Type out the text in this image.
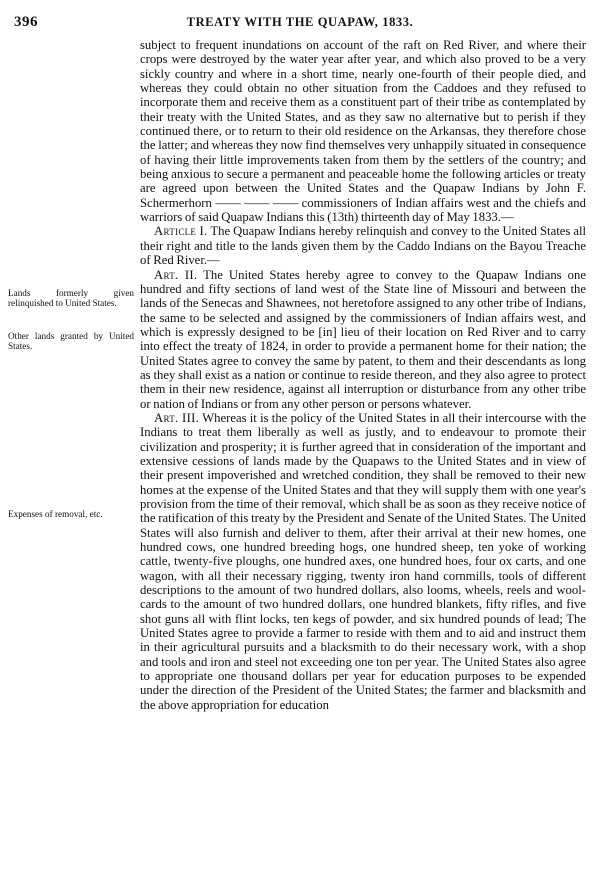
396	TREATY WITH THE QUAPAW, 1833.
Lands formerly given relinquished to United States.
Other lands granted by United States.
Expenses of removal, etc.

subject to frequent inundations on account of the raft on Red River, and where their crops were destroyed by the water year after year, and which also proved to be a very sickly country and where in a short time, nearly one-fourth of their people died, and whereas they could obtain no other situation from the Caddoes and they refused to incorporate them and receive them as a constituent part of their tribe as contemplated by their treaty with the United States, and as they saw no alternative but to perish if they continued there, or to return to their old residence on the Arkansas, they therefore chose the latter; and whereas they now find themselves very unhappily situated in consequence of having their little improvements taken from them by the settlers of the country; and being anxious to secure a permanent and peaceable home the following articles or treaty are agreed upon between the United States and the Quapaw Indians by John F. Schermerhorn —— —— —— commissioners of Indian affairs west and the chiefs and warriors of said Quapaw Indians this (13th) thirteenth day of May 1833.—

Article I. The Quapaw Indians hereby relinquish and convey to the United States all their right and title to the lands given them by the Caddo Indians on the Bayou Treache of Red River.—

Art. II. The United States hereby agree to convey to the Quapaw Indians one hundred and fifty sections of land west of the State line of Missouri and between the lands of the Senecas and Shawnees, not heretofore assigned to any other tribe of Indians, the same to be selected and assigned by the commissioners of Indian affairs west, and which is expressly designed to be [in] lieu of their location on Red River and to carry into effect the treaty of 1824, in order to provide a permanent home for their nation; the United States agree to convey the same by patent, to them and their descendants as long as they shall exist as a nation or continue to reside thereon, and they also agree to protect them in their new residence, against all interruption or disturbance from any other tribe or nation of Indians or from any other person or persons whatever.

Art. III. Whereas it is the policy of the United States in all their intercourse with the Indians to treat them liberally as well as justly, and to endeavour to promote their civilization and prosperity; it is further agreed that in consideration of the important and extensive cessions of lands made by the Quapaws to the United States and in view of their present impoverished and wretched condition, they shall be removed to their new homes at the expense of the United States and that they will supply them with one year's provision from the time of their removal, which shall be as soon as they receive notice of the ratification of this treaty by the President and Senate of the United States. The United States will also furnish and deliver to them, after their arrival at their new homes, one hundred cows, one hundred breeding hogs, one hundred sheep, ten yoke of working cattle, twenty-five ploughs, one hundred axes, one hundred hoes, four ox carts, and one wagon, with all their necessary rigging, twenty iron hand cornmills, tools of different descriptions to the amount of two hundred dollars, also looms, wheels, reels and wool-cards to the amount of two hundred dollars, one hundred blankets, fifty rifles, and five shot guns all with flint locks, ten kegs of powder, and six hundred pounds of lead; The United States agree to provide a farmer to reside with them and to aid and instruct them in their agricultural pursuits and a blacksmith to do their necessary work, with a shop and tools and iron and steel not exceeding one ton per year. The United States also agree to appropriate one thousand dollars per year for education purposes to be expended under the direction of the President of the United States; the farmer and blacksmith and the above appropriation for education
